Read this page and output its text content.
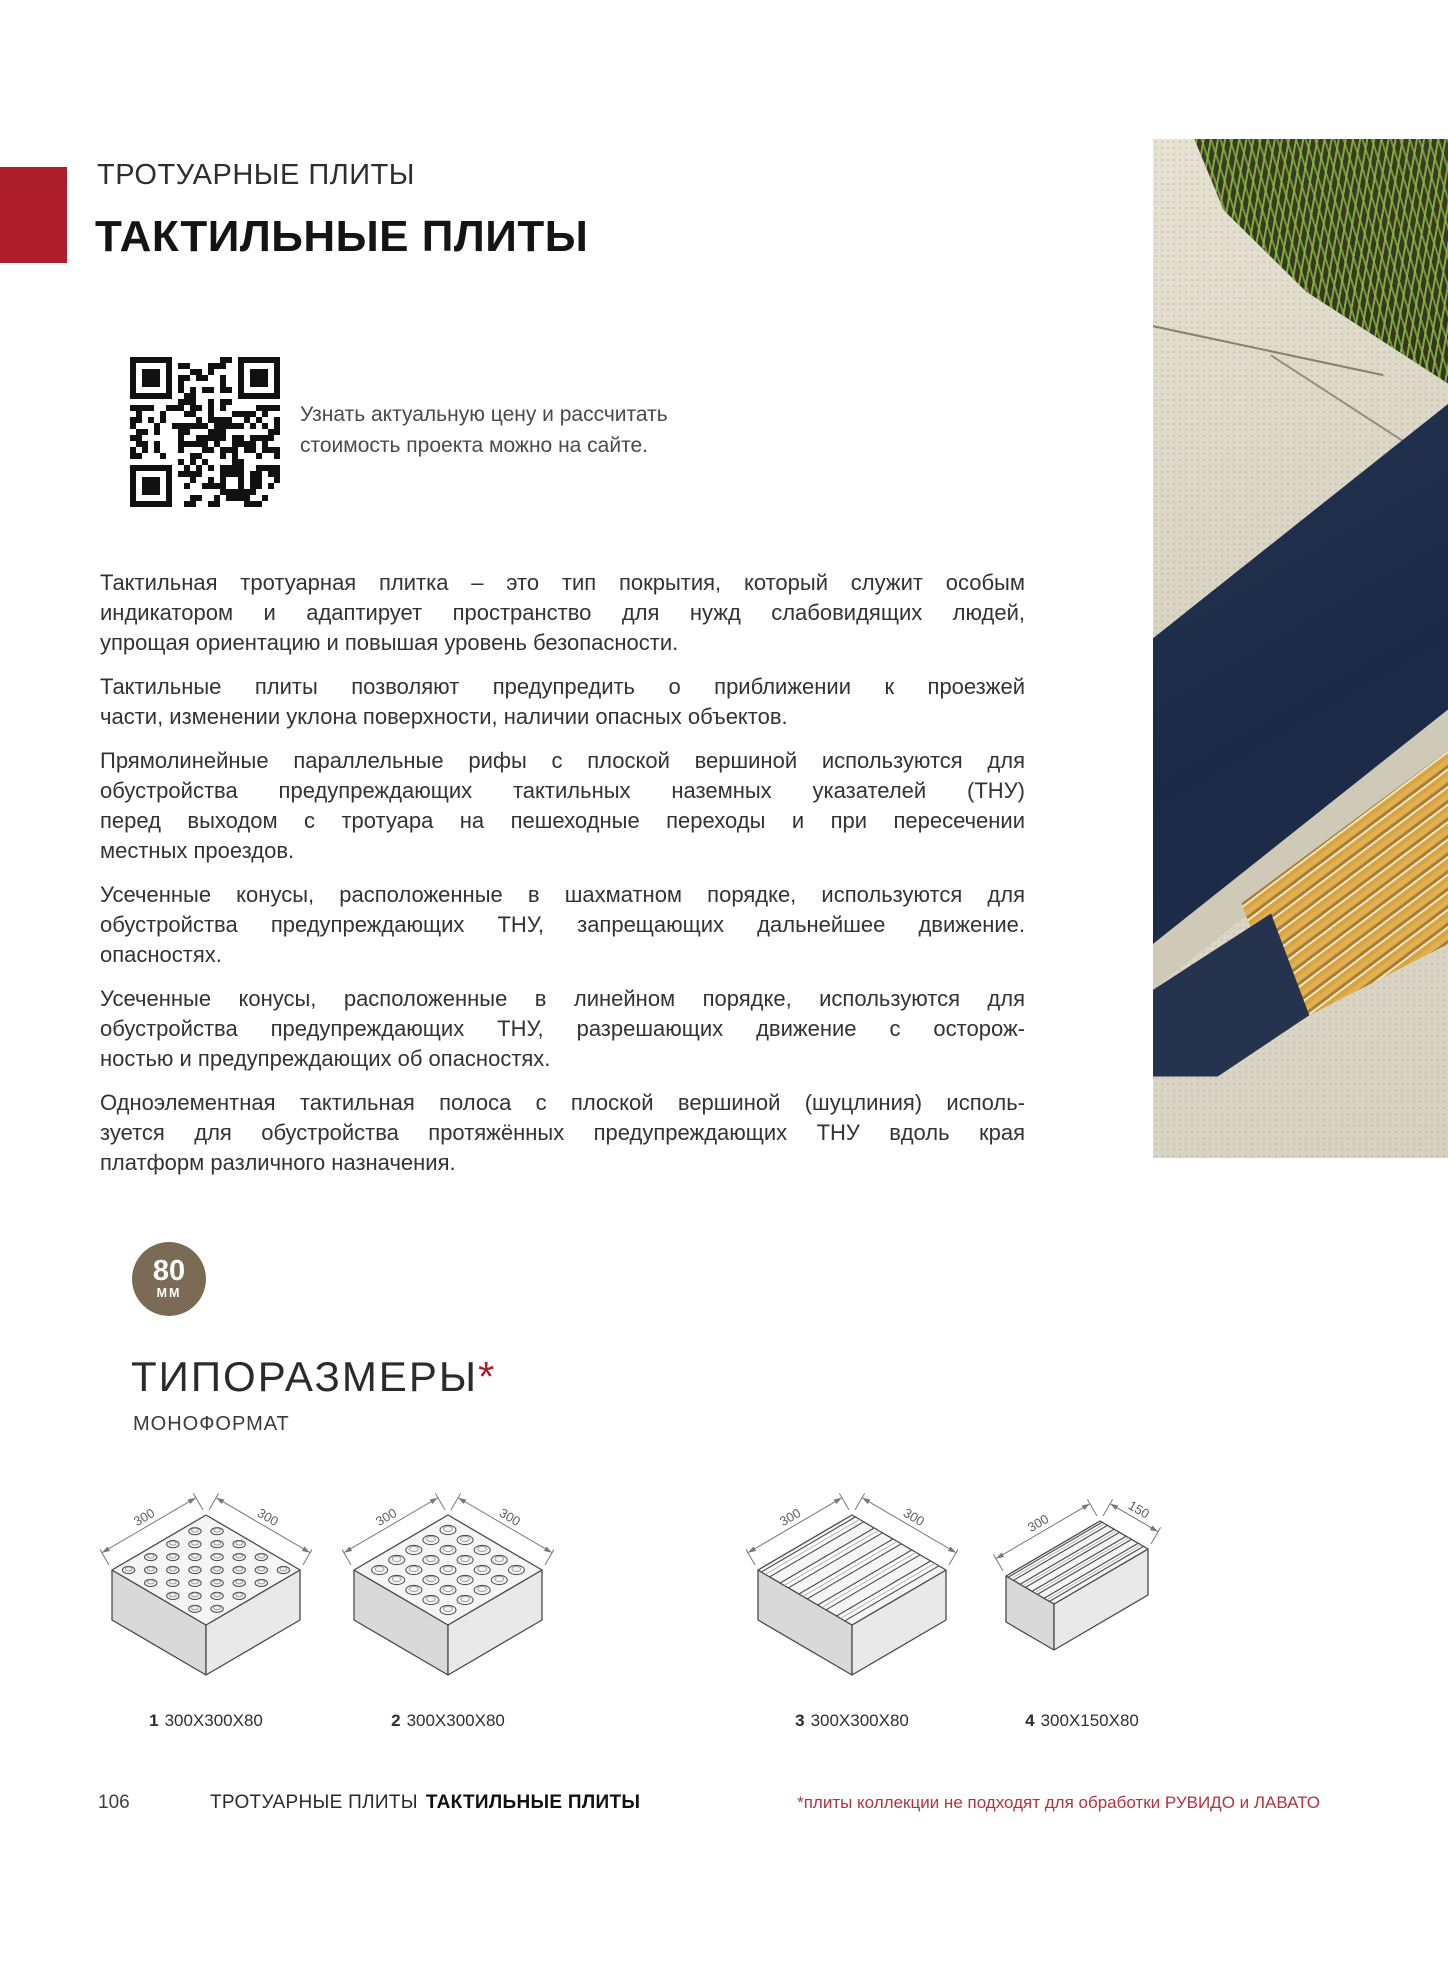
ТРОТУАРНЫЕ ПЛИТЫ
ТАКТИЛЬНЫЕ ПЛИТЫ
Узнать актуальную цену и рассчитать
стоимость проекта можно на сайте.
Тактильная тротуарная плитка – это тип покрытия, который служит особым
индикатором и адаптирует пространство для нужд слабовидящих людей,
упрощая ориентацию и повышая уровень безопасности.
Тактильные плиты позволяют предупредить о приближении к проезжей
части, изменении уклона поверхности, наличии опасных объектов.
Прямолинейные параллельные рифы с плоской вершиной используются для
обустройства предупреждающих тактильных наземных указателей (ТНУ)
перед выходом с тротуара на пешеходные переходы и при пересечении
местных проездов.
Усеченные конусы, расположенные в шахматном порядке, используются для
обустройства предупреждающих ТНУ, запрещающих дальнейшее движение.
опасностях.
Усеченные конусы, расположенные в линейном порядке, используются для
обустройства предупреждающих ТНУ, разрешающих движение с осторож-
ностью и предупреждающих об опасностях.
Одноэлементная тактильная полоса с плоской вершиной (шуцлиния) исполь-
зуется для обустройства протяжённых предупреждающих ТНУ вдоль края
платформ различного назначения.
80
ММ
ТИПОРАЗМЕРЫ*
МОНОФОРМАТ
300	300
1 300X300X80
300	300
2 300X300X80
300	300
3 300X300X80
300
150
4 300X150X80
106	ТРОТУАРНЫЕ ПЛИТЫ ТАКТИЛЬНЫЕ ПЛИТЫ	*плиты коллекции не подходят для обработки РУВИДО и ЛАВАТО
